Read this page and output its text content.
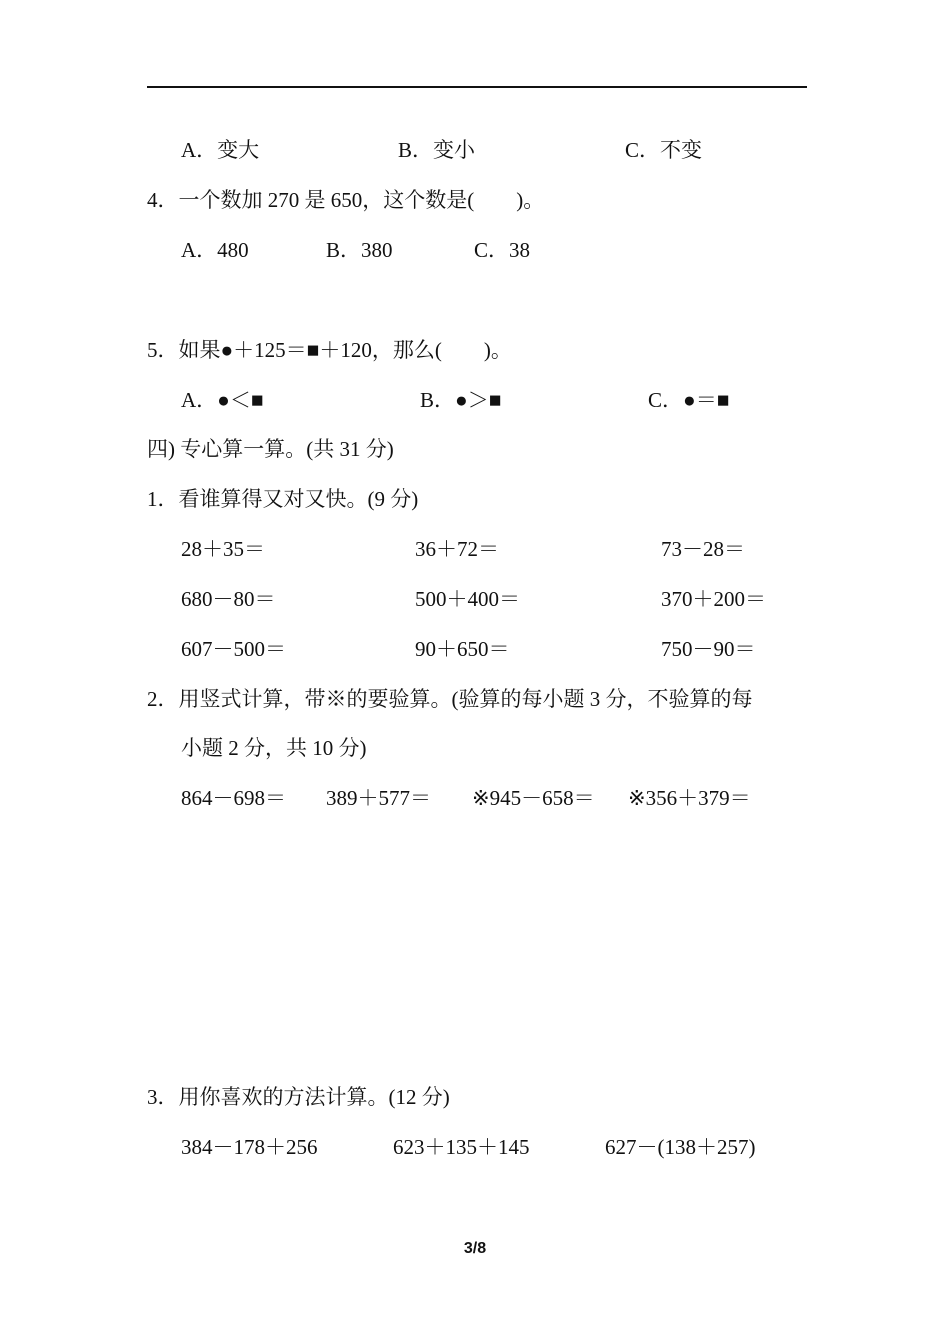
A．变大	B．变小	C．不变
4．一个数加 270 是 650，这个数是(　　)。
A．480	B．380	C．38
5．如果●＋125＝■＋120，那么(　　)。
A．●＜■	B．●＞■	C．●＝■
四) 专心算一算。(共 31 分)
1．看谁算得又对又快。(9 分)
28＋35＝	36＋72＝	73－28＝
680－80＝	500＋400＝	370＋200＝
607－500＝	90＋650＝	750－90＝
2．用竖式计算，带※的要验算。(验算的每小题 3 分，不验算的每
小题 2 分，共 10 分)
864－698＝ 389＋577＝ ※945－658＝ ※356＋379＝
3．用你喜欢的方法计算。(12 分)
384－178＋256	623＋135＋145	627－(138＋257)
3/8
